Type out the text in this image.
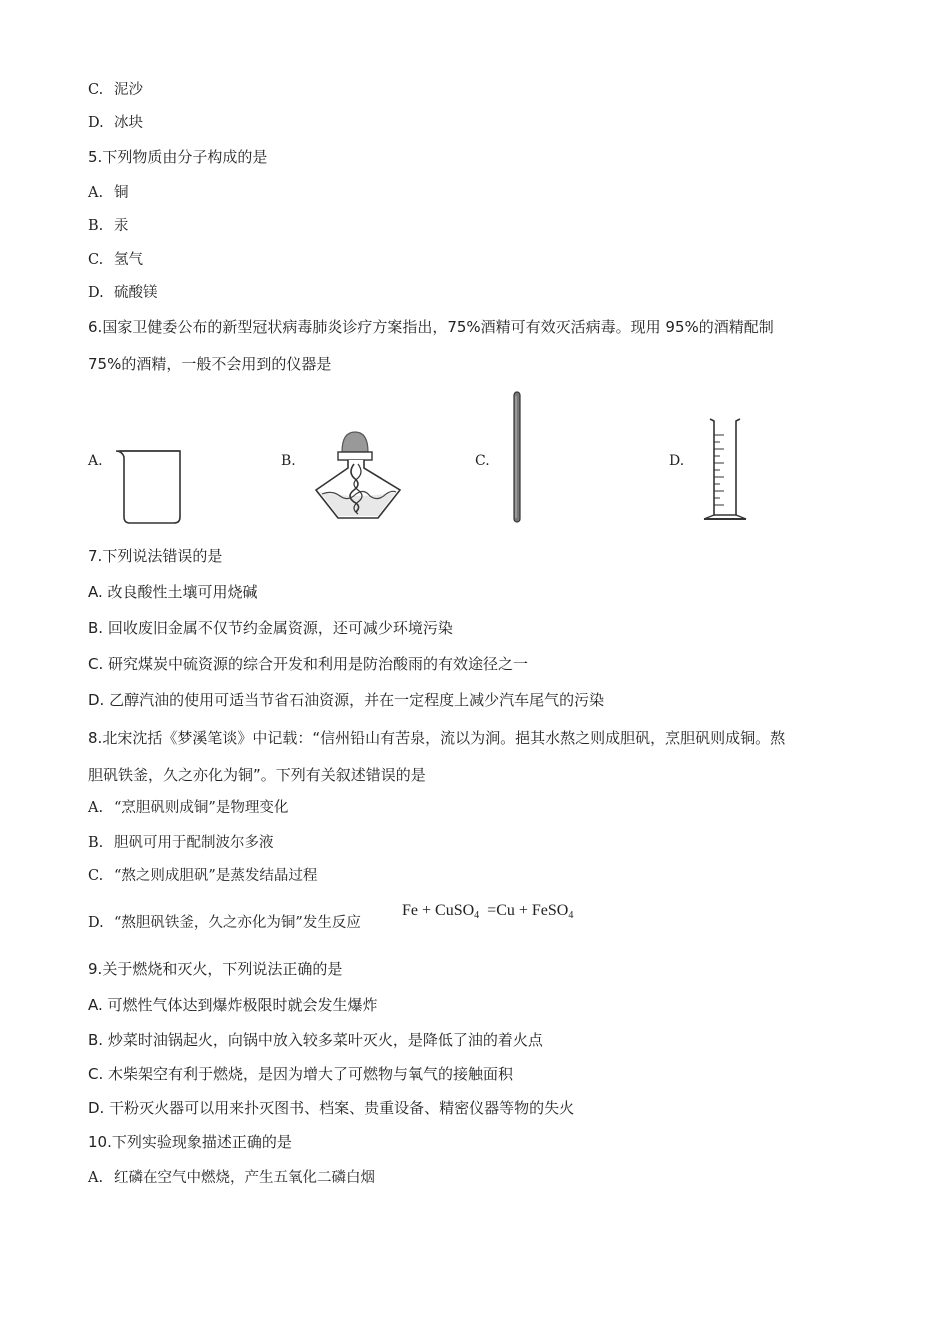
C. 泥沙
D. 冰块
5.下列物质由分子构成的是
A. 铜
B. 汞
C. 氢气
D. 硫酸镁
6.国家卫健委公布的新型冠状病毒肺炎诊疗方案指出，75%酒精可有效灭活病毒。现用 95%的酒精配制
75%的酒精，一般不会用到的仪器是
A.	B.	C.	D.
7.下列说法错误的是
A. 改良酸性土壤可用烧碱
B. 回收废旧金属不仅节约金属资源，还可减少环境污染
C. 研究煤炭中硫资源的综合开发和利用是防治酸雨的有效途径之一
D. 乙醇汽油的使用可适当节省石油资源，并在一定程度上减少汽车尾气的污染
8.北宋沈括《梦溪笔谈》中记载：“信州铅山有苦泉，流以为涧。挹其水熬之则成胆矾，烹胆矾则成铜。熬
胆矾铁釜，久之亦化为铜”。下列有关叙述错误的是
A. “烹胆矾则成铜”是物理变化
B. 胆矾可用于配制波尔多液
C. “熬之则成胆矾”是蒸发结晶过程
D. “熬胆矾铁釜，久之亦化为铜”发生反应
Fe + CuSO$_4$ =Cu + FeSO$_4$
9.关于燃烧和灭火，下列说法正确的是
A. 可燃性气体达到爆炸极限时就会发生爆炸
B. 炒菜时油锅起火，向锅中放入较多菜叶灭火，是降低了油的着火点
C. 木柴架空有利于燃烧，是因为增大了可燃物与氧气的接触面积
D. 干粉灭火器可以用来扑灭图书、档案、贵重设备、精密仪器等物的失火
10.下列实验现象描述正确的是
A. 红磷在空气中燃烧，产生五氧化二磷白烟
